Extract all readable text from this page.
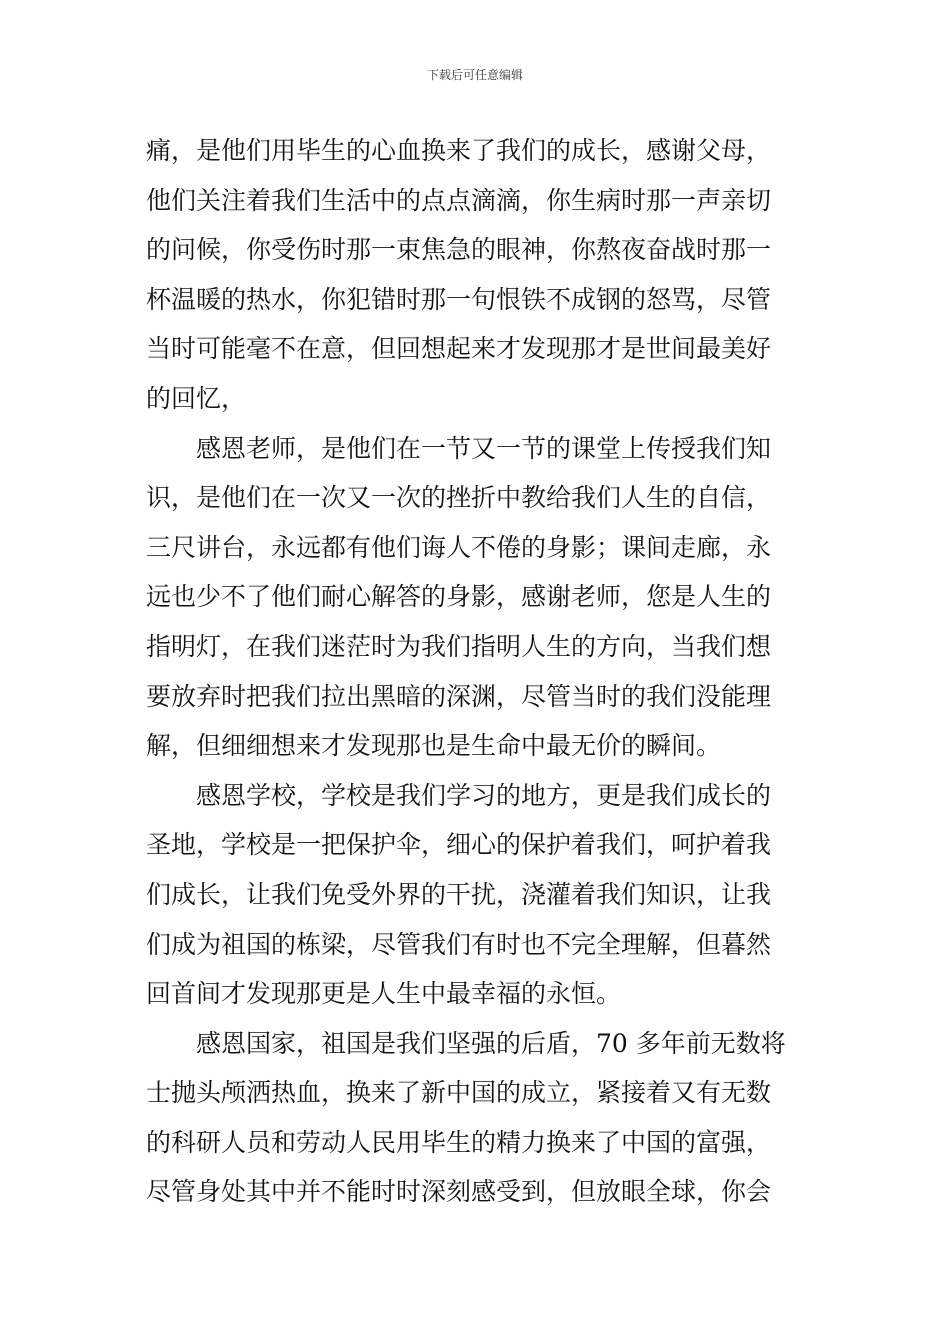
下载后可任意编辑
痛，是他们用毕生的心血换来了我们的成长，感谢父母，
他们关注着我们生活中的点点滴滴，你生病时那一声亲切
的问候，你受伤时那一束焦急的眼神，你熬夜奋战时那一
杯温暖的热水，你犯错时那一句恨铁不成钢的怒骂，尽管
当时可能毫不在意，但回想起来才发现那才是世间最美好
的回忆，
感恩老师，是他们在一节又一节的课堂上传授我们知
识，是他们在一次又一次的挫折中教给我们人生的自信，
三尺讲台，永远都有他们诲人不倦的身影；课间走廊，永
远也少不了他们耐心解答的身影，感谢老师，您是人生的
指明灯，在我们迷茫时为我们指明人生的方向，当我们想
要放弃时把我们拉出黑暗的深渊，尽管当时的我们没能理
解，但细细想来才发现那也是生命中最无价的瞬间。
感恩学校，学校是我们学习的地方，更是我们成长的
圣地，学校是一把保护伞，细心的保护着我们，呵护着我
们成长，让我们免受外界的干扰，浇灌着我们知识，让我
们成为祖国的栋梁，尽管我们有时也不完全理解，但暮然
回首间才发现那更是人生中最幸福的永恒。
感恩国家，祖国是我们坚强的后盾，70 多年前无数将
士抛头颅洒热血，换来了新中国的成立，紧接着又有无数
的科研人员和劳动人民用毕生的精力换来了中国的富强，
尽管身处其中并不能时时深刻感受到，但放眼全球，你会
